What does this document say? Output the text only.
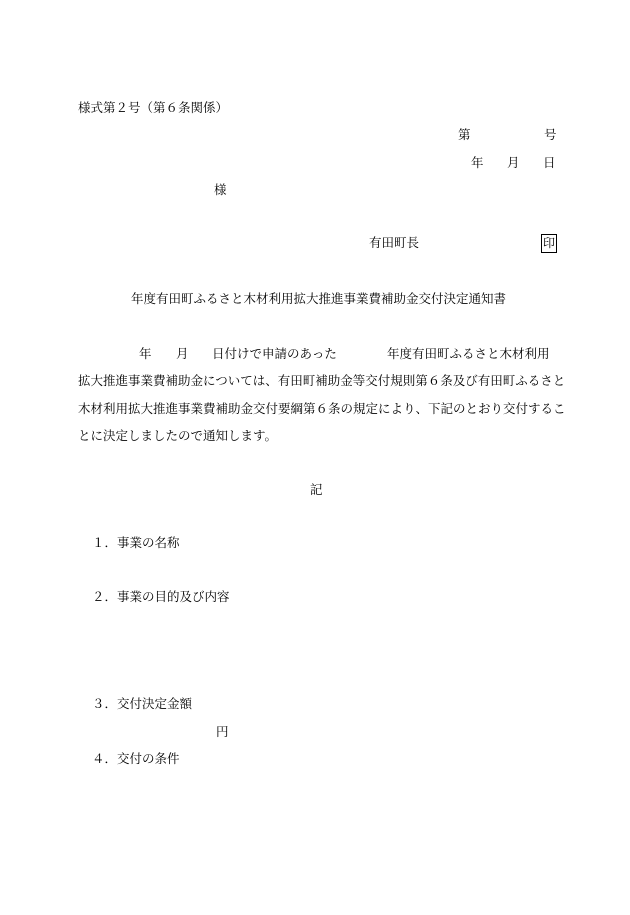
様式第２号（第６条関係）
第	号
年 月 日
様
有田町長	印
年度有田町ふるさと木材利用拡大推進事業費補助金交付決定通知書
年 月 日付けで申請のあった	年度有田町ふるさと木材利用
拡大推進事業費補助金については、有田町補助金等交付規則第６条及び有田町ふるさと
木材利用拡大推進事業費補助金交付要綱第６条の規定により、下記のとおり交付するこ
とに決定しましたので通知します。
記
１．事業の名称
２．事業の目的及び内容
３．交付決定金額
円
４．交付の条件
